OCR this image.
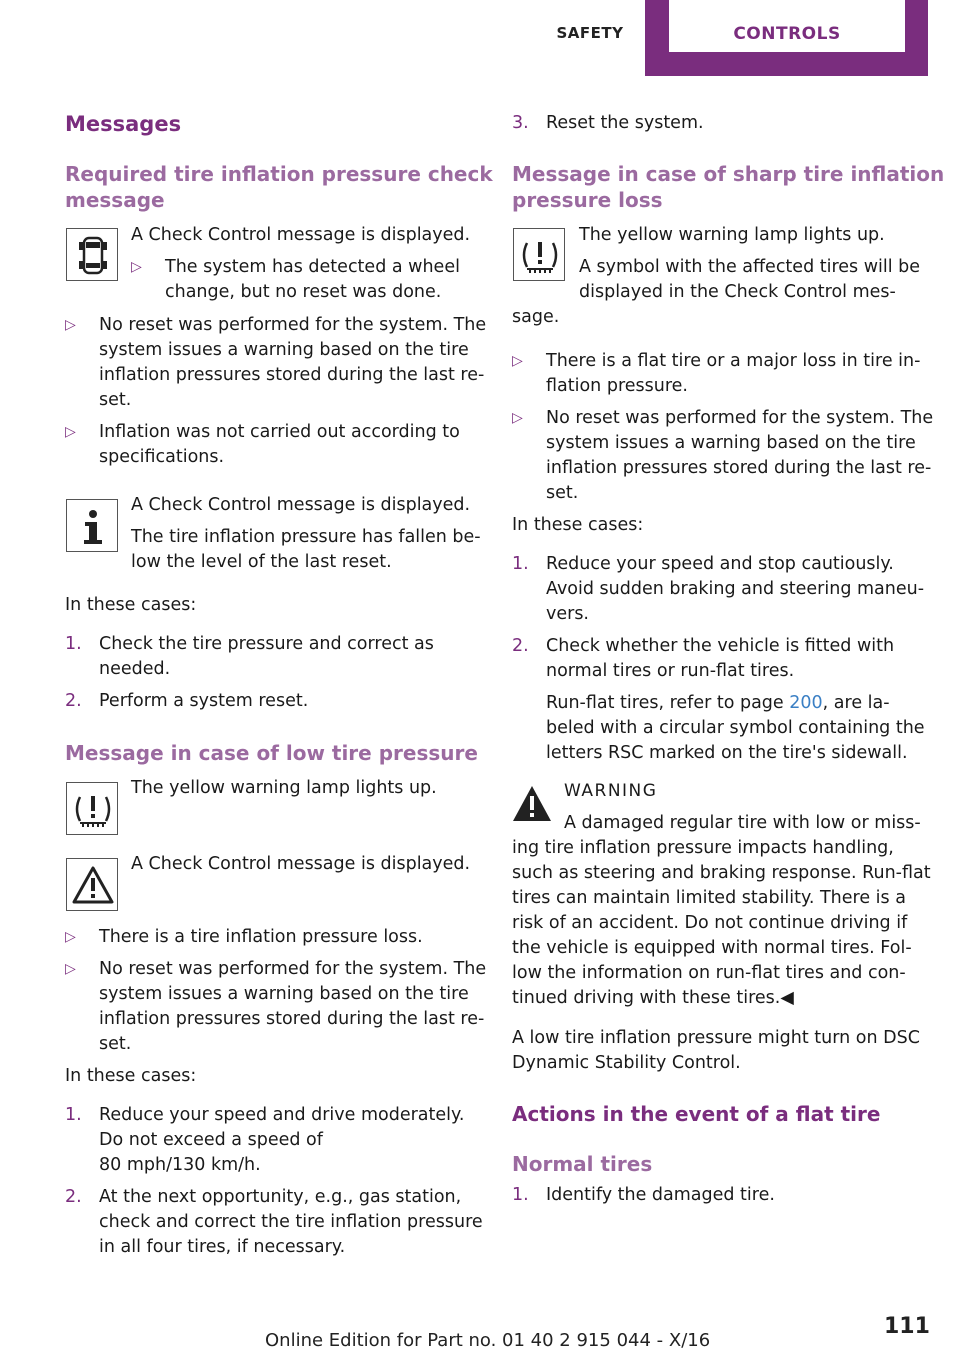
SAFETY	CONTROLS
Messages
Required tire inflation pressure check
message
A Check Control message is displayed.
▷ The system has detected a wheel
change, but no reset was done.
▷ No reset was performed for the system. The
system issues a warning based on the tire
inflation pressures stored during the last re‐
set.
▷ Inflation was not carried out according to
specifications.
A Check Control message is displayed.
The tire inflation pressure has fallen be‐
low the level of the last reset.
In these cases:
1. Check the tire pressure and correct as
needed.
2. Perform a system reset.
Message in case of low tire pressure
The yellow warning lamp lights up.
A Check Control message is displayed.
▷ There is a tire inflation pressure loss.
▷ No reset was performed for the system. The
system issues a warning based on the tire
inflation pressures stored during the last re‐
set.
In these cases:
1. Reduce your speed and drive moderately.
Do not exceed a speed of
80 mph/130 km/h.
2. At the next opportunity, e.g., gas station,
check and correct the tire inflation pressure
in all four tires, if necessary.
3. Reset the system.
Message in case of sharp tire inflation
pressure loss
The yellow warning lamp lights up.
A symbol with the affected tires will be
displayed in the Check Control mes‐
sage.
▷ There is a flat tire or a major loss in tire in‐
flation pressure.
▷ No reset was performed for the system. The
system issues a warning based on the tire
inflation pressures stored during the last re‐
set.
In these cases:
1. Reduce your speed and stop cautiously.
Avoid sudden braking and steering maneu‐
vers.
2. Check whether the vehicle is fitted with
normal tires or run-flat tires.
Run-flat tires, refer to page 200, are la‐
beled with a circular symbol containing the
letters RSC marked on the tire's sidewall.
WARNING
A damaged regular tire with low or miss‐
ing tire inflation pressure impacts handling,
such as steering and braking response. Run-flat
tires can maintain limited stability. There is a
risk of an accident. Do not continue driving if
the vehicle is equipped with normal tires. Fol‐
low the information on run-flat tires and con‐
tinued driving with these tires.◀
A low tire inflation pressure might turn on DSC
Dynamic Stability Control.
Actions in the event of a flat tire
Normal tires
1. Identify the damaged tire.
111
Online Edition for Part no. 01 40 2 915 044 - X/16
